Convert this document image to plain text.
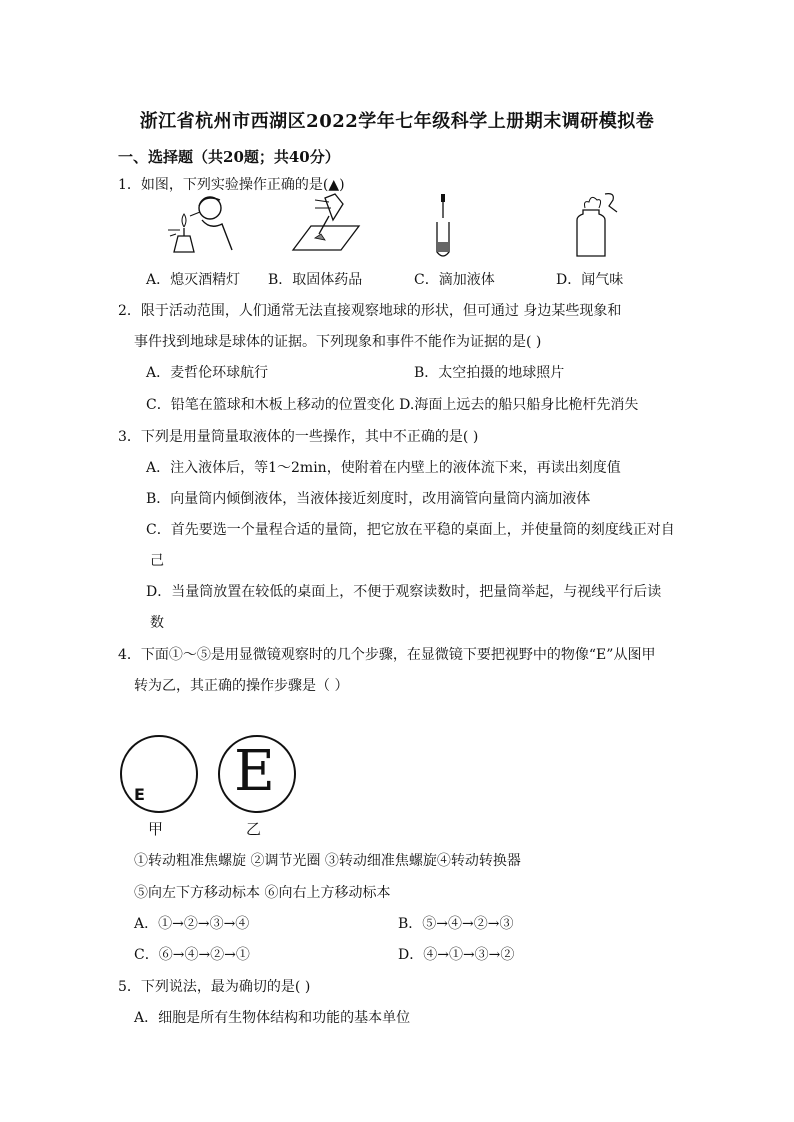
浙江省杭州市西湖区2022学年七年级科学上册期末调研模拟卷
一、选择题（共20题；共40分）
1．如图，下列实验操作正确的是(▲)
A．熄灭酒精灯 B．取固体药品	C．滴加液体	D．闻气味
2．限于活动范围，人们通常无法直接观察地球的形状，但可通过 身边某些现象和
事件找到地球是球体的证据。下列现象和事件不能作为证据的是( )
A．麦哲伦环球航行	B．太空拍摄的地球照片
C．铅笔在篮球和木板上移动的位置变化 D.海面上远去的船只船身比桅杆先消失
3．下列是用量筒量取液体的一些操作，其中不正确的是( )
A．注入液体后，等1～2min，使附着在内壁上的液体流下来，再读出刻度值
B．向量筒内倾倒液体，当液体接近刻度时，改用滴管向量筒内滴加液体
C．首先要选一个量程合适的量筒，把它放在平稳的桌面上，并使量筒的刻度线正对自
己
D．当量筒放置在较低的桌面上，不便于观察读数时，把量筒举起，与视线平行后读
数
4．下面①～⑤是用显微镜观察时的几个步骤，在显微镜下要把视野中的物像“E”从图甲
转为乙，其正确的操作步骤是（ ）
E E
甲	乙
①转动粗准焦螺旋 ②调节光圈 ③转动细准焦螺旋④转动转换器
⑤向左下方移动标本 ⑥向右上方移动标本
A．①→②→③→④	B．⑤→④→②→③
C．⑥→④→②→①	D．④→①→③→②
5．下列说法，最为确切的是( )
A．细胞是所有生物体结构和功能的基本单位
